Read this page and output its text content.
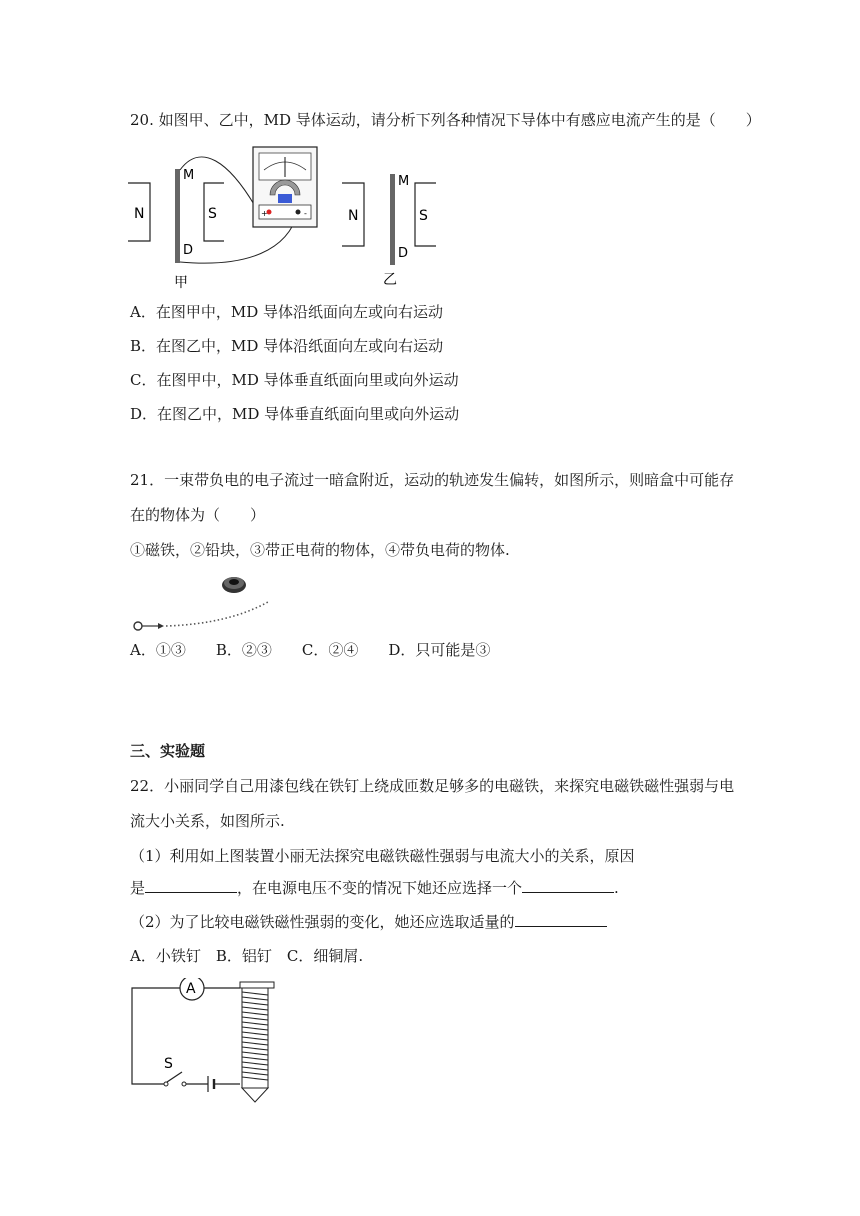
20. 如图甲、乙中，MD 导体运动，请分析下列各种情况下导体中有感应电流产生的是（　　）
N	S
M
D
甲
+	-	N	S
M
D
乙
A．在图甲中，MD 导体沿纸面向左或向右运动
B．在图乙中，MD 导体沿纸面向左或向右运动
C．在图甲中，MD 导体垂直纸面向里或向外运动
D．在图乙中，MD 导体垂直纸面向里或向外运动
21．一束带负电的电子流过一暗盒附近，运动的轨迹发生偏转，如图所示，则暗盒中可能存
在的物体为（　　）
①磁铁，②铅块，③带正电荷的物体，④带负电荷的物体.
A．①③　　B．②③　　C．②④　　D．只可能是③
三、实验题
22．小丽同学自己用漆包线在铁钉上绕成匝数足够多的电磁铁，来探究电磁铁磁性强弱与电
流大小关系，如图所示.
（1）利用如上图装置小丽无法探究电磁铁磁性强弱与电流大小的关系，原因
是	，在电源电压不变的情况下她还应选择一个	.
（2）为了比较电磁铁磁性强弱的变化，她还应选取适量的
A．小铁钉　B．铝钉　C．细铜屑.
A
S
